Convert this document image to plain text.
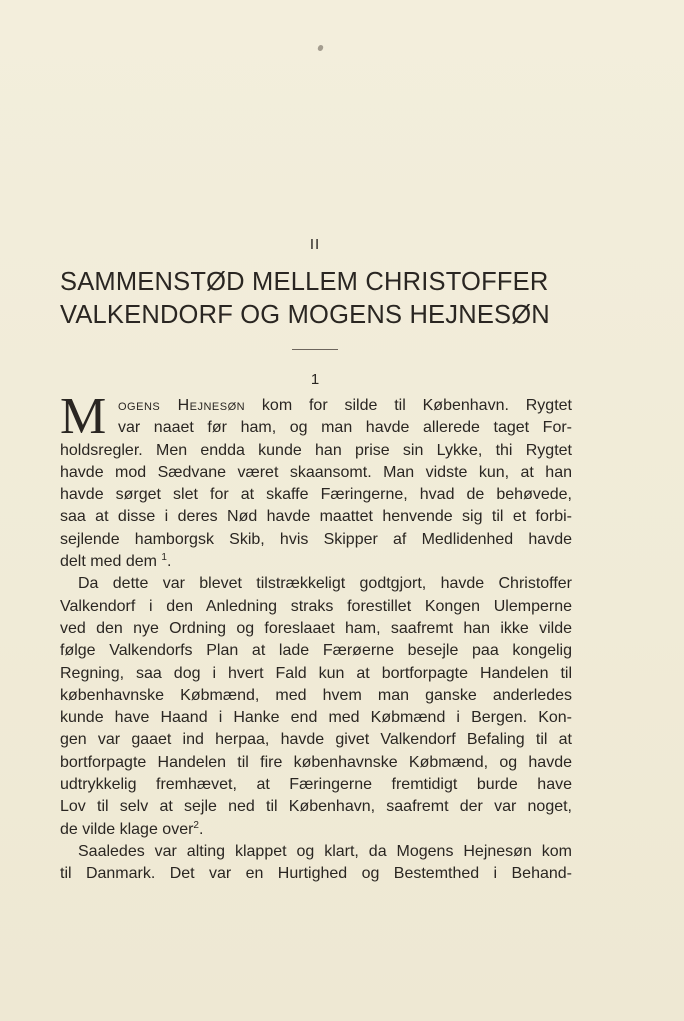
II
SAMMENSTØD MELLEM CHRISTOFFER
VALKENDORF OG MOGENS HEJNESØN
1
M ogens Hejnesøn kom for silde til København. Rygtet
var naaet før ham, og man havde allerede taget For-
holdsregler. Men endda kunde han prise sin Lykke, thi Rygtet
havde mod Sædvane været skaansomt. Man vidste kun, at han
havde sørget slet for at skaffe Færingerne, hvad de behøvede,
saa at disse i deres Nød havde maattet henvende sig til et forbi-
sejlende hamborgsk Skib, hvis Skipper af Medlidenhed havde
delt med dem $^1$.
Da dette var blevet tilstrækkeligt godtgjort, havde Christoffer
Valkendorf i den Anledning straks forestillet Kongen Ulemperne
ved den nye Ordning og foreslaaet ham, saafremt han ikke vilde
følge Valkendorfs Plan at lade Færøerne besejle paa kongelig
Regning, saa dog i hvert Fald kun at bortforpagte Handelen til
københavnske Købmænd, med hvem man ganske anderledes
kunde have Haand i Hanke end med Købmænd i Bergen. Kon-
gen var gaaet ind herpaa, havde givet Valkendorf Befaling til at
bortforpagte Handelen til fire københavnske Købmænd, og havde
udtrykkelig fremhævet, at Færingerne fremtidigt burde have
Lov til selv at sejle ned til København, saafremt der var noget,
de vilde klage over$^2$.
Saaledes var alting klappet og klart, da Mogens Hejnesøn kom
til Danmark. Det var en Hurtighed og Bestemthed i Behand-
